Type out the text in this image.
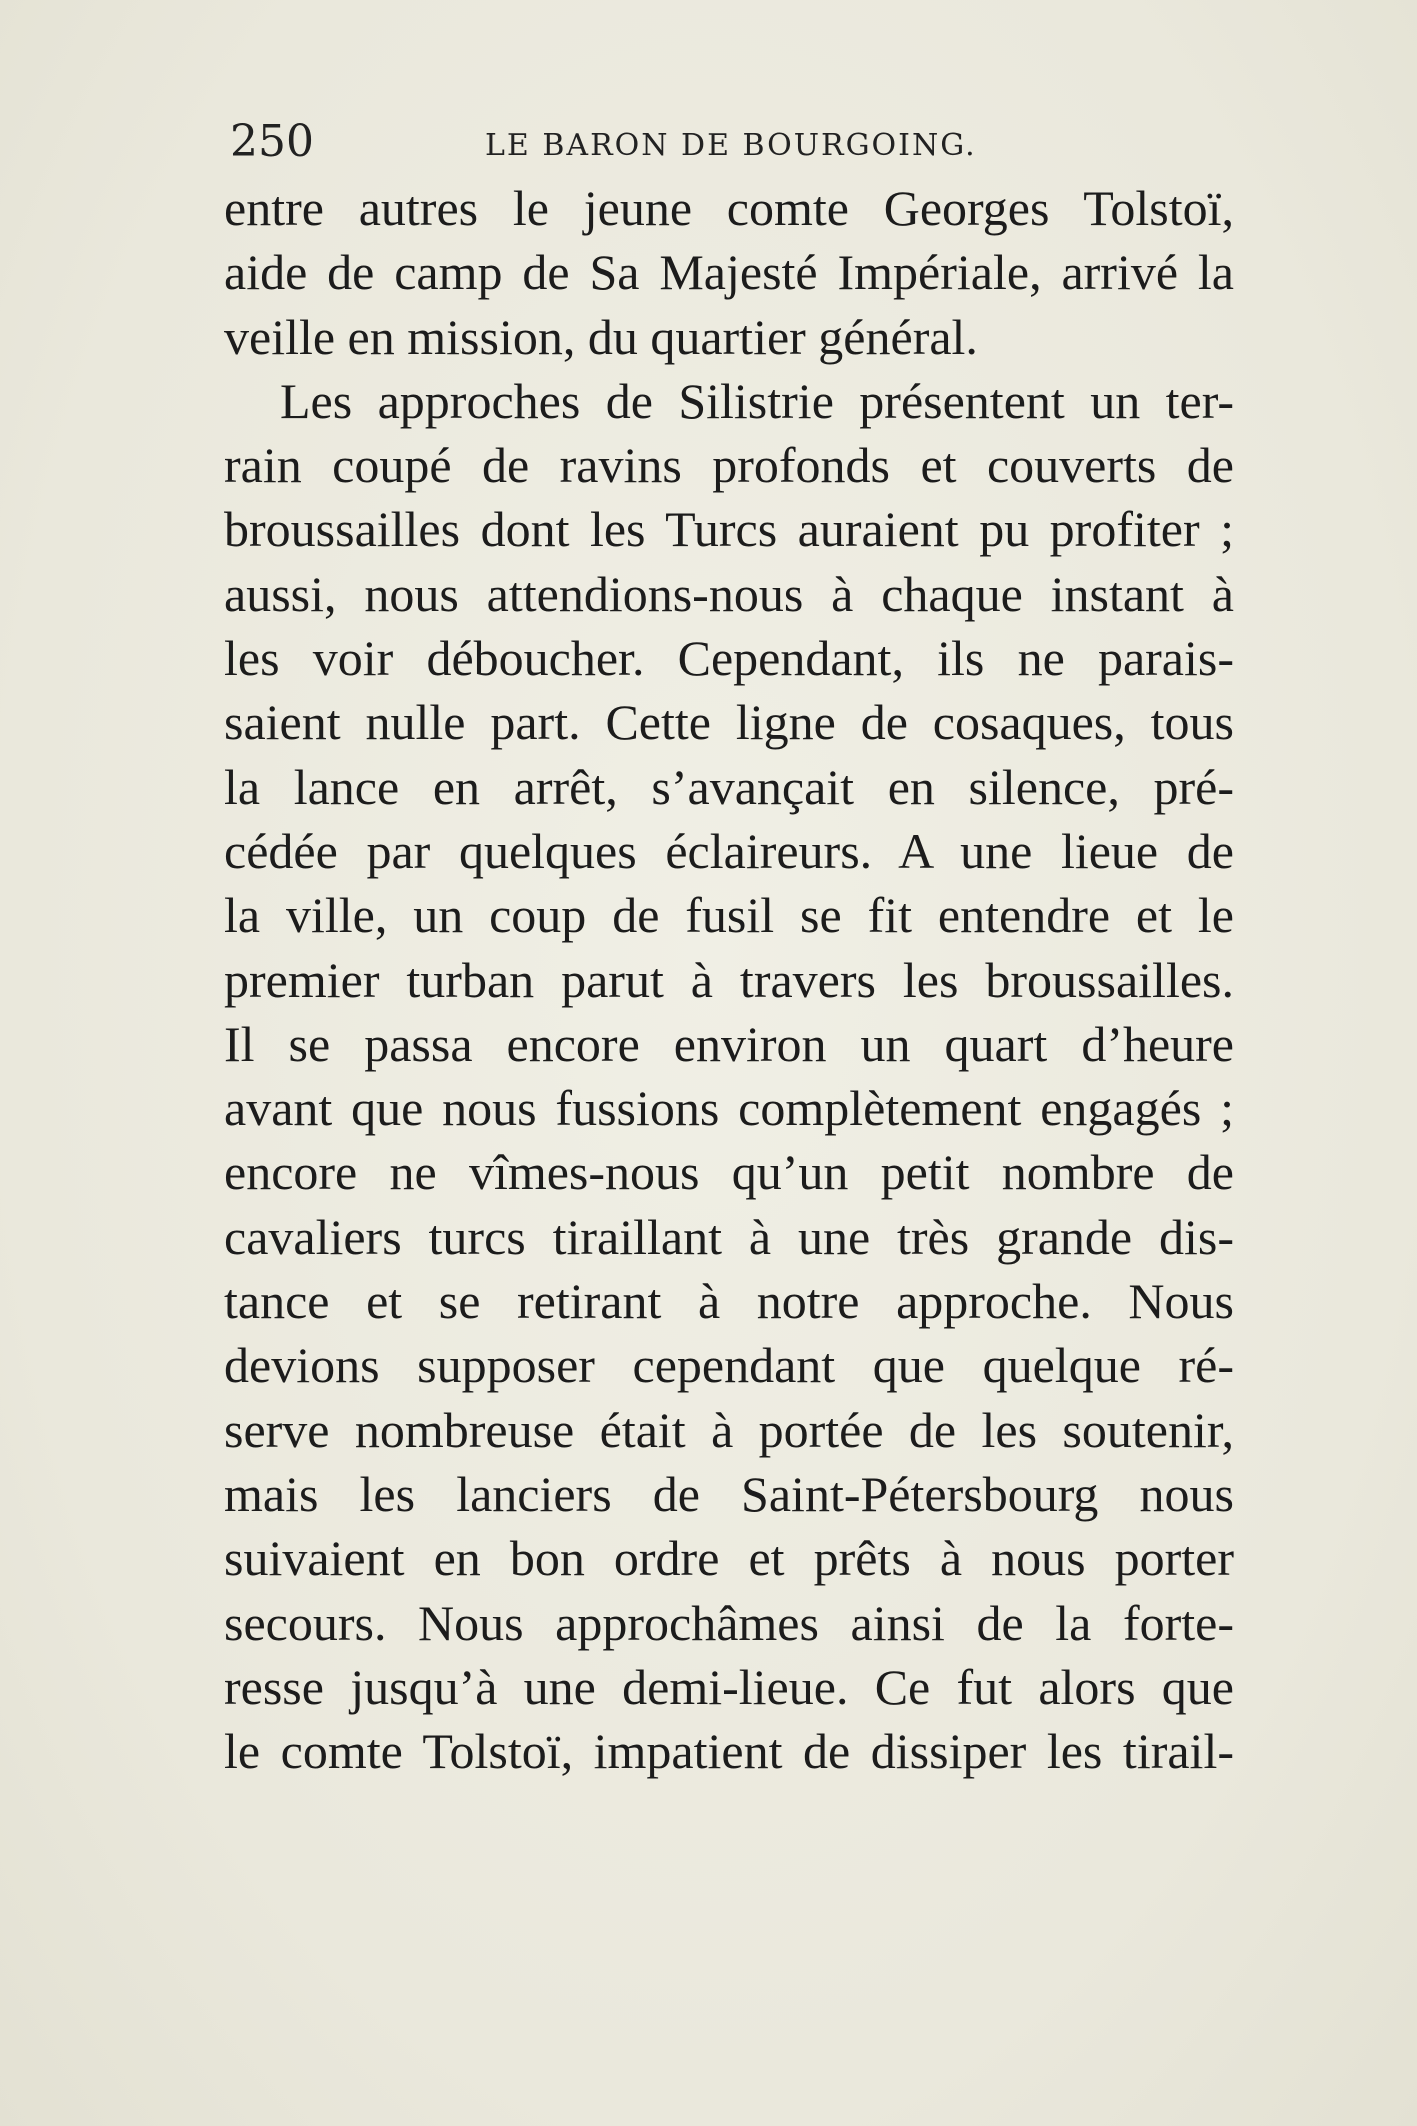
250	LE BARON DE BOURGOING.
entre autres le jeune comte Georges Tolstoï,
aide de camp de Sa Majesté Impériale, arrivé la
veille en mission, du quartier général.
Les approches de Silistrie présentent un ter-
rain coupé de ravins profonds et couverts de
broussailles dont les Turcs auraient pu profiter ;
aussi, nous attendions-nous à chaque instant à
les voir déboucher. Cependant, ils ne parais-
saient nulle part. Cette ligne de cosaques, tous
la lance en arrêt, s’avançait en silence, pré-
cédée par quelques éclaireurs. A une lieue de
la ville, un coup de fusil se fit entendre et le
premier turban parut à travers les broussailles.
Il se passa encore environ un quart d’heure
avant que nous fussions complètement engagés ;
encore ne vîmes-nous qu’un petit nombre de
cavaliers turcs tiraillant à une très grande dis-
tance et se retirant à notre approche. Nous
devions supposer cependant que quelque ré-
serve nombreuse était à portée de les soutenir,
mais les lanciers de Saint-Pétersbourg nous
suivaient en bon ordre et prêts à nous porter
secours. Nous approchâmes ainsi de la forte-
resse jusqu’à une demi-lieue. Ce fut alors que
le comte Tolstoï, impatient de dissiper les tirail-
